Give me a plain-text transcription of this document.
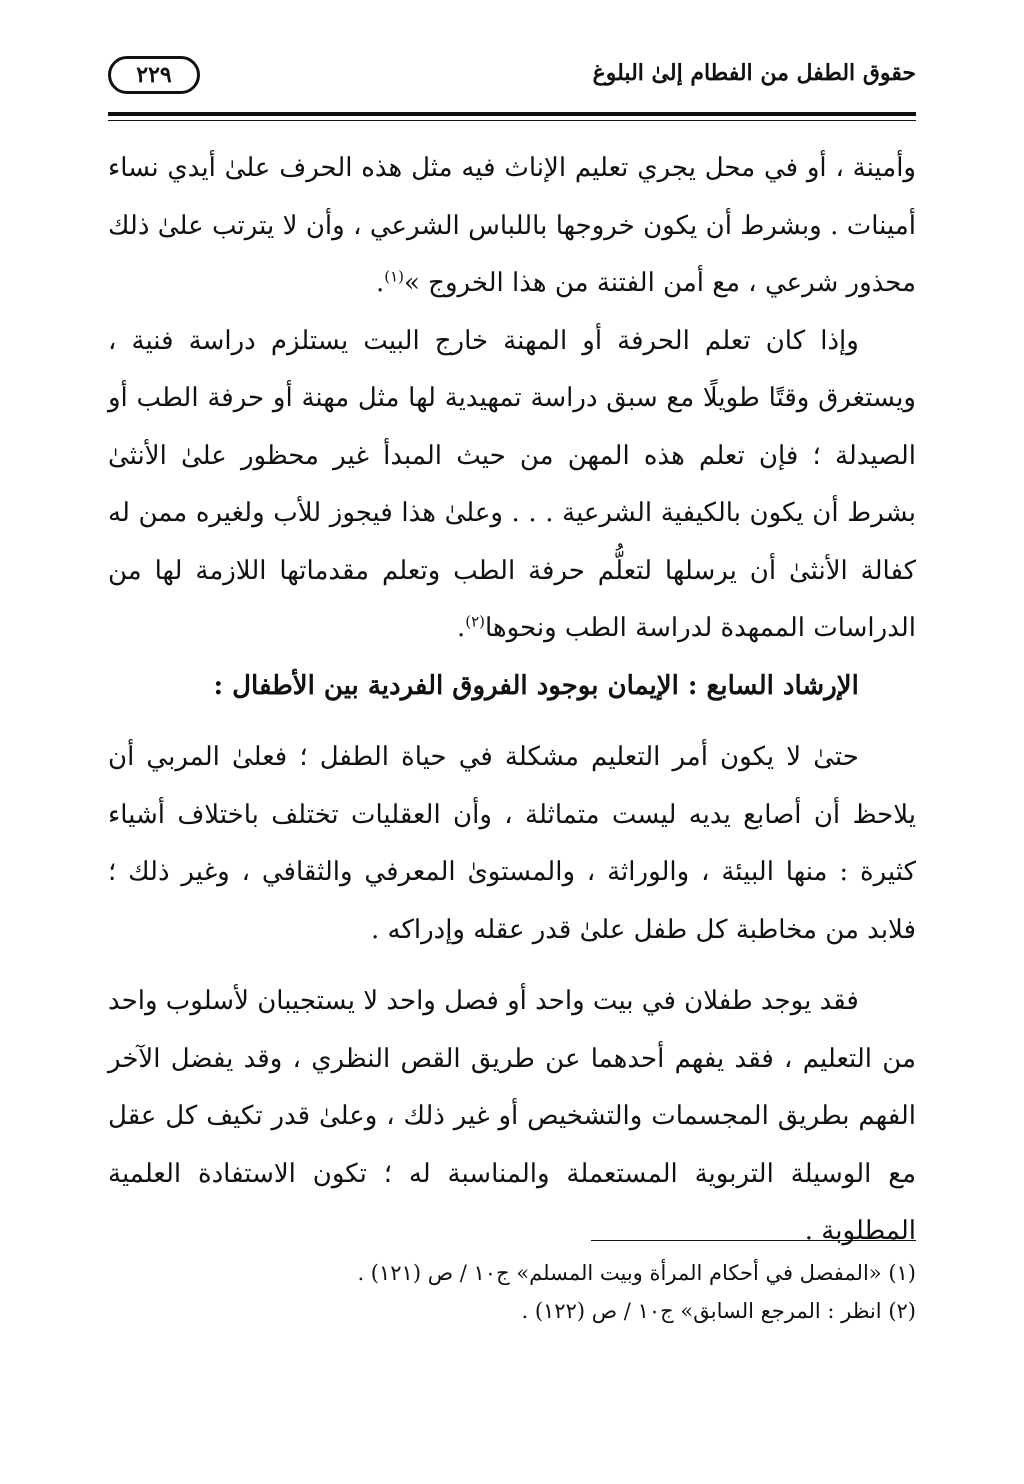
حقوق الطفل من الفطام إلىٰ البلوغ
٢٢٩

وأمينة ، أو في محل يجري تعليم الإناث فيه مثل هذه الحرف علىٰ أيدي نساء أمينات . وبشرط أن يكون خروجها باللباس الشرعي ، وأن لا يترتب علىٰ ذلك محذور شرعي ، مع أمن الفتنة من هذا الخروج »$^{(١)}$.

وإذا كان تعلم الحرفة أو المهنة خارج البيت يستلزم دراسة فنية ، ويستغرق وقتًا طويلًا مع سبق دراسة تمهيدية لها مثل مهنة أو حرفة الطب أو الصيدلة ؛ فإن تعلم هذه المهن من حيث المبدأ غير محظور علىٰ الأنثىٰ بشرط أن يكون بالكيفية الشرعية . . . وعلىٰ هذا فيجوز للأب ولغيره ممن له كفالة الأنثىٰ أن يرسلها لتعلُّم حرفة الطب وتعلم مقدماتها اللازمة لها من الدراسات الممهدة لدراسة الطب ونحوها$^{(٢)}$.

الإرشاد السابع : الإيمان بوجود الفروق الفردية بين الأطفال :

حتىٰ لا يكون أمر التعليم مشكلة في حياة الطفل ؛ فعلىٰ المربي أن يلاحظ أن أصابع يديه ليست متماثلة ، وأن العقليات تختلف باختلاف أشياء كثيرة : منها البيئة ، والوراثة ، والمستوىٰ المعرفي والثقافي ، وغير ذلك ؛ فلابد من مخاطبة كل طفل علىٰ قدر عقله وإدراكه .

فقد يوجد طفلان في بيت واحد أو فصل واحد لا يستجيبان لأسلوب واحد من التعليم ، فقد يفهم أحدهما عن طريق القص النظري ، وقد يفضل الآخر الفهم بطريق المجسمات والتشخيص أو غير ذلك ، وعلىٰ قدر تكيف كل عقل مع الوسيلة التربوية المستعملة والمناسبة له ؛ تكون الاستفادة العلمية المطلوبة .

(١) «المفصل في أحكام المرأة وبيت المسلم» ج١٠ / ص (١٢١) .

(٢) انظر : المرجع السابق» ج١٠ / ص (١٢٢) .
